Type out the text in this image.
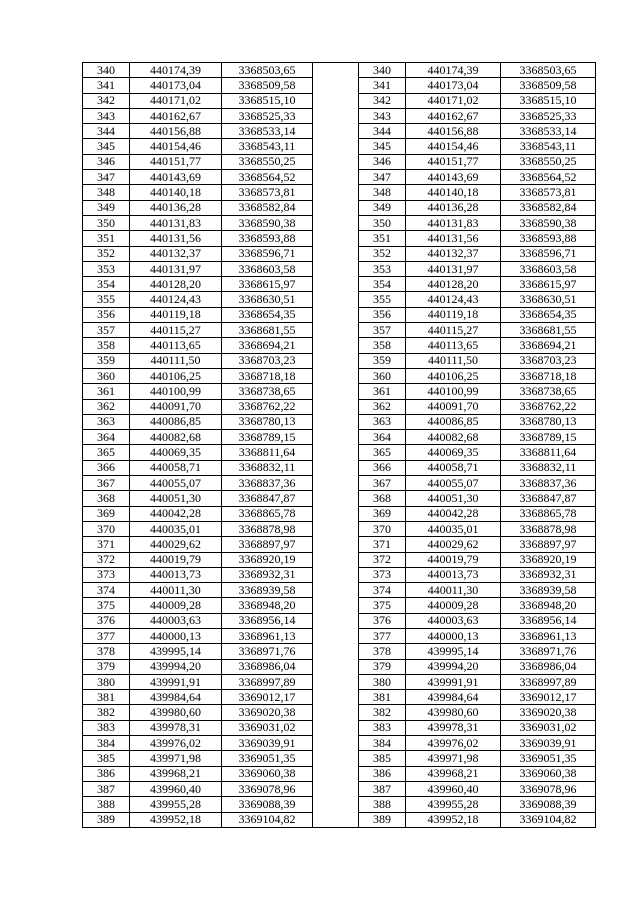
340	440174,39	3368503,65		340	440174,39	3368503,65
341	440173,04	3368509,58		341	440173,04	3368509,58
342	440171,02	3368515,10		342	440171,02	3368515,10
343	440162,67	3368525,33		343	440162,67	3368525,33
344	440156,88	3368533,14		344	440156,88	3368533,14
345	440154,46	3368543,11		345	440154,46	3368543,11
346	440151,77	3368550,25		346	440151,77	3368550,25
347	440143,69	3368564,52		347	440143,69	3368564,52
348	440140,18	3368573,81		348	440140,18	3368573,81
349	440136,28	3368582,84		349	440136,28	3368582,84
350	440131,83	3368590,38		350	440131,83	3368590,38
351	440131,56	3368593,88		351	440131,56	3368593,88
352	440132,37	3368596,71		352	440132,37	3368596,71
353	440131,97	3368603,58		353	440131,97	3368603,58
354	440128,20	3368615,97		354	440128,20	3368615,97
355	440124,43	3368630,51		355	440124,43	3368630,51
356	440119,18	3368654,35		356	440119,18	3368654,35
357	440115,27	3368681,55		357	440115,27	3368681,55
358	440113,65	3368694,21		358	440113,65	3368694,21
359	440111,50	3368703,23		359	440111,50	3368703,23
360	440106,25	3368718,18		360	440106,25	3368718,18
361	440100,99	3368738,65		361	440100,99	3368738,65
362	440091,70	3368762,22		362	440091,70	3368762,22
363	440086,85	3368780,13		363	440086,85	3368780,13
364	440082,68	3368789,15		364	440082,68	3368789,15
365	440069,35	3368811,64		365	440069,35	3368811,64
366	440058,71	3368832,11		366	440058,71	3368832,11
367	440055,07	3368837,36		367	440055,07	3368837,36
368	440051,30	3368847,87		368	440051,30	3368847,87
369	440042,28	3368865,78		369	440042,28	3368865,78
370	440035,01	3368878,98		370	440035,01	3368878,98
371	440029,62	3368897,97		371	440029,62	3368897,97
372	440019,79	3368920,19		372	440019,79	3368920,19
373	440013,73	3368932,31		373	440013,73	3368932,31
374	440011,30	3368939,58		374	440011,30	3368939,58
375	440009,28	3368948,20		375	440009,28	3368948,20
376	440003,63	3368956,14		376	440003,63	3368956,14
377	440000,13	3368961,13		377	440000,13	3368961,13
378	439995,14	3368971,76		378	439995,14	3368971,76
379	439994,20	3368986,04		379	439994,20	3368986,04
380	439991,91	3368997,89		380	439991,91	3368997,89
381	439984,64	3369012,17		381	439984,64	3369012,17
382	439980,60	3369020,38		382	439980,60	3369020,38
383	439978,31	3369031,02		383	439978,31	3369031,02
384	439976,02	3369039,91		384	439976,02	3369039,91
385	439971,98	3369051,35		385	439971,98	3369051,35
386	439968,21	3369060,38		386	439968,21	3369060,38
387	439960,40	3369078,96		387	439960,40	3369078,96
388	439955,28	3369088,39		388	439955,28	3369088,39
389	439952,18	3369104,82		389	439952,18	3369104,82
